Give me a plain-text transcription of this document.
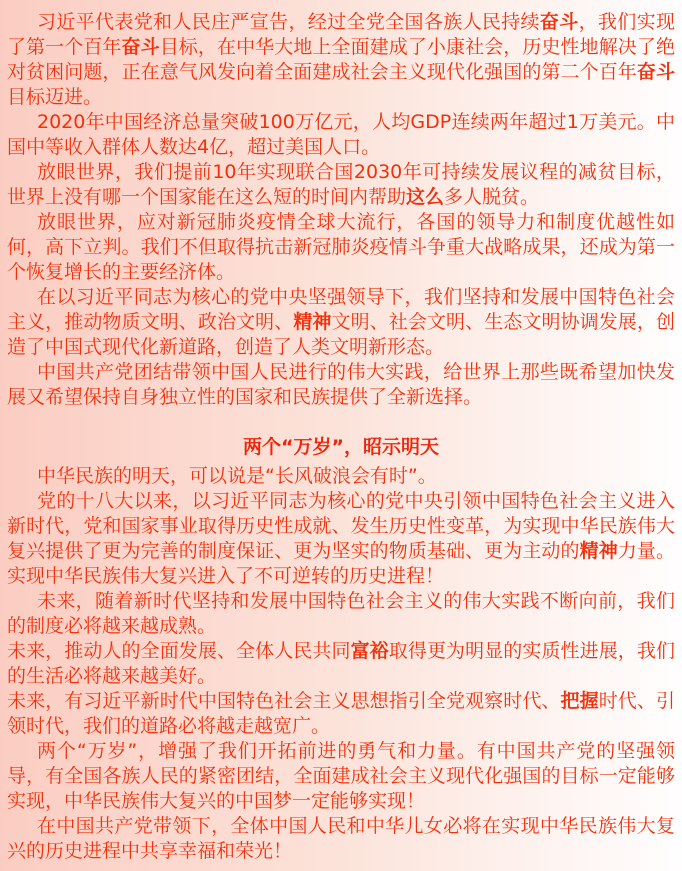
习近平代表党和人民庄严宣告，经过全党全国各族人民持续奋斗，我们实现了第一个百年奋斗目标，在中华大地上全面建成了小康社会，历史性地解决了绝对贫困问题，正在意气风发向着全面建成社会主义现代化强国的第二个百年奋斗目标迈进。

2020年中国经济总量突破100万亿元，人均GDP连续两年超过1万美元。中国中等收入群体人数达4亿，超过美国人口。

放眼世界，我们提前10年实现联合国2030年可持续发展议程的减贫目标，世界上没有哪一个国家能在这么短的时间内帮助这么多人脱贫。

放眼世界，应对新冠肺炎疫情全球大流行，各国的领导力和制度优越性如何，高下立判。我们不但取得抗击新冠肺炎疫情斗争重大战略成果，还成为第一个恢复增长的主要经济体。

在以习近平同志为核心的党中央坚强领导下，我们坚持和发展中国特色社会主义，推动物质文明、政治文明、精神文明、社会文明、生态文明协调发展，创造了中国式现代化新道路，创造了人类文明新形态。

中国共产党团结带领中国人民进行的伟大实践，给世界上那些既希望加快发展又希望保持自身独立性的国家和民族提供了全新选择。

两个“万岁”，昭示明天

中华民族的明天，可以说是“长风破浪会有时”。

党的十八大以来，以习近平同志为核心的党中央引领中国特色社会主义进入新时代，党和国家事业取得历史性成就、发生历史性变革，为实现中华民族伟大复兴提供了更为完善的制度保证、更为坚实的物质基础、更为主动的精神力量。实现中华民族伟大复兴进入了不可逆转的历史进程！

未来，随着新时代坚持和发展中国特色社会主义的伟大实践不断向前，我们的制度必将越来越成熟。

未来，推动人的全面发展、全体人民共同富裕取得更为明显的实质性进展，我们的生活必将越来越美好。

未来，有习近平新时代中国特色社会主义思想指引全党观察时代、把握时代、引领时代，我们的道路必将越走越宽广。

两个“万岁”，增强了我们开拓前进的勇气和力量。有中国共产党的坚强领导，有全国各族人民的紧密团结，全面建成社会主义现代化强国的目标一定能够实现，中华民族伟大复兴的中国梦一定能够实现！

在中国共产党带领下，全体中国人民和中华儿女必将在实现中华民族伟大复兴的历史进程中共享幸福和荣光！
